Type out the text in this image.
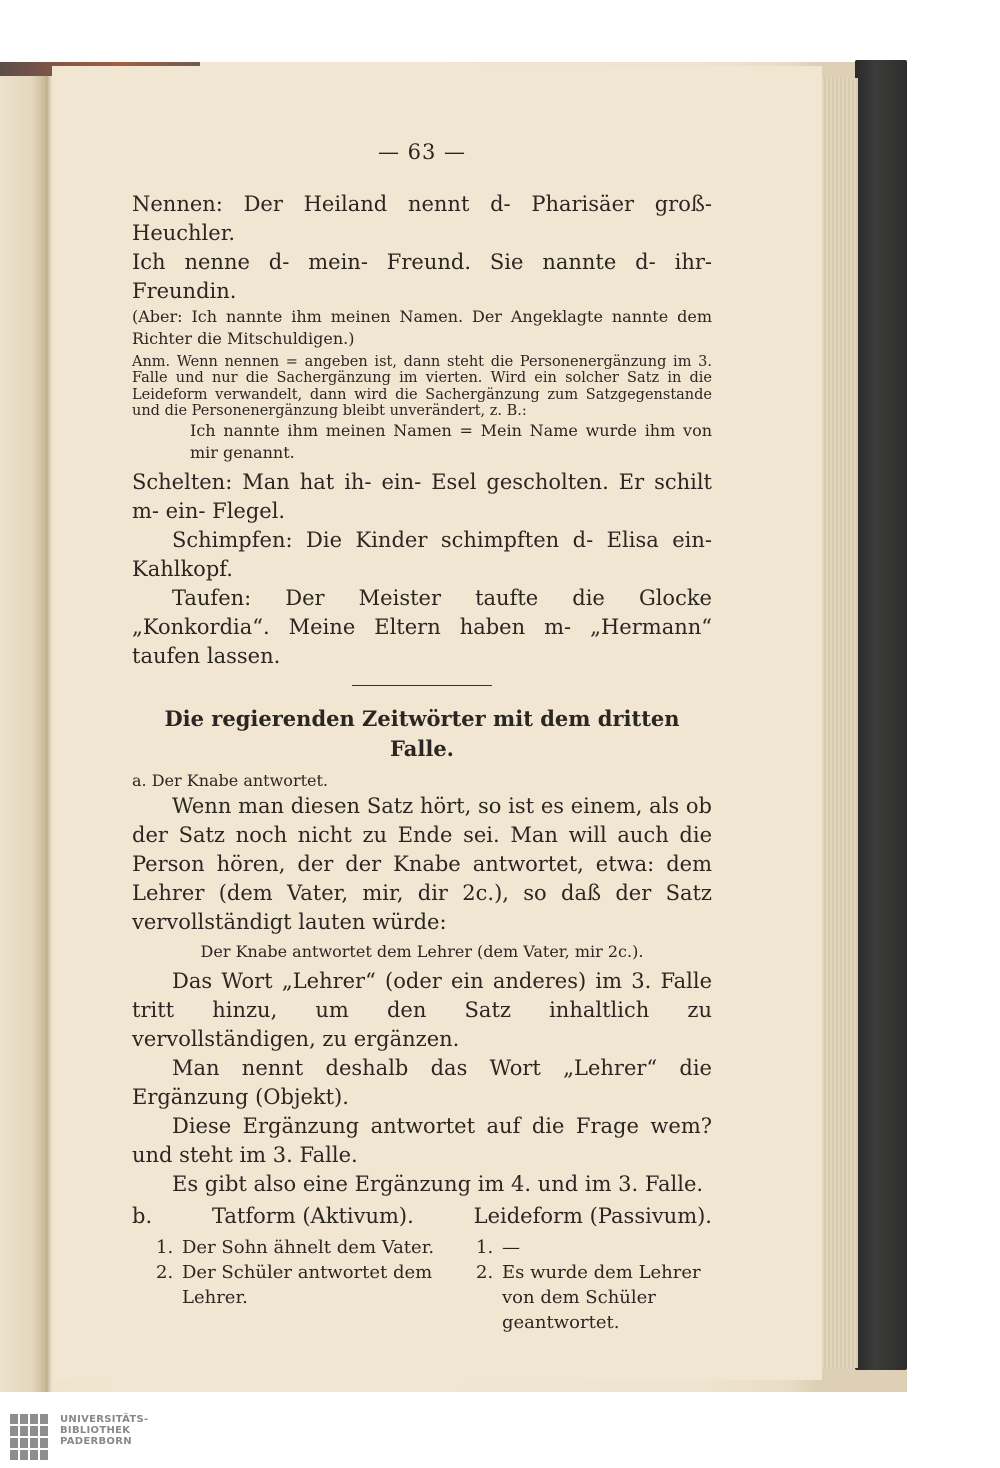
— 63 —

Nennen: Der Heiland nennt d- Pharisäer groß- Heuchler.

Ich nenne d- mein- Freund. Sie nannte d- ihr- Freundin.

(Aber: Ich nannte ihm meinen Namen. Der Angeklagte nannte dem Richter die Mitschuldigen.)

Anm. Wenn nennen = angeben ist, dann steht die Personenergänzung im 3. Falle und nur die Sachergänzung im vierten. Wird ein solcher Satz in die Leideform verwandelt, dann wird die Sachergänzung zum Satzgegenstande und die Personenergänzung bleibt unverändert, z. B.:

Ich nannte ihm meinen Namen = Mein Name wurde ihm von mir genannt.

Schelten: Man hat ih- ein- Esel gescholten. Er schilt m- ein- Flegel.

Schimpfen: Die Kinder schimpften d- Elisa ein- Kahlkopf.

Taufen: Der Meister taufte die Glocke „Konkordia“. Meine Eltern haben m- „Hermann“ taufen lassen.

Die regierenden Zeitwörter mit dem dritten Falle.

a. Der Knabe antwortet.

Wenn man diesen Satz hört, so ist es einem, als ob der Satz noch nicht zu Ende sei. Man will auch die Person hören, der der Knabe antwortet, etwa: dem Lehrer (dem Vater, mir, dir 2c.), so daß der Satz vervollständigt lauten würde:

Der Knabe antwortet dem Lehrer (dem Vater, mir 2c.).

Das Wort „Lehrer“ (oder ein anderes) im 3. Falle tritt hinzu, um den Satz inhaltlich zu vervollständigen, zu ergänzen.

Man nennt deshalb das Wort „Lehrer“ die Ergänzung (Objekt).

Diese Ergänzung antwortet auf die Frage wem? und steht im 3. Falle.

Es gibt also eine Ergänzung im 4. und im 3. Falle.

b.	Tatform (Aktivum).	Leideform (Passivum).
1. Der Sohn ähnelt dem Vater.
2. Der Schüler antwortet dem Lehrer.
1. —
2. Es wurde dem Lehrer von dem Schüler geantwortet.
UNIVERSITÄTS-
BIBLIOTHEK
PADERBORN
